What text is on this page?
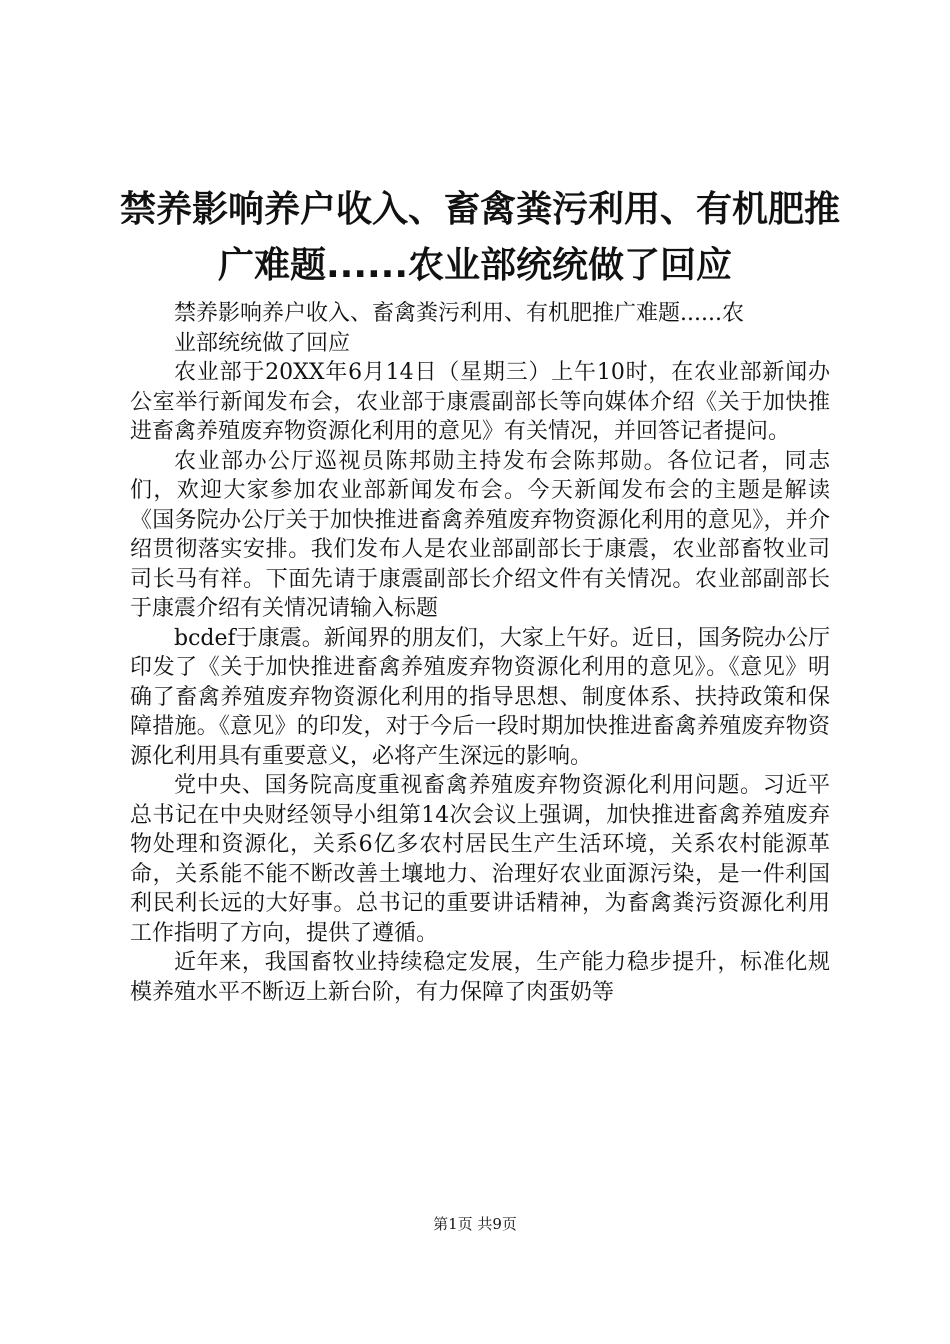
禁养影响养户收入、畜禽粪污利用、有机肥推
广难题......农业部统统做了回应

禁养影响养户收入、畜禽粪污利用、有机肥推广难题......农

业部统统做了回应

农业部于20XX年6月14日（星期三）上午10时，在农业部新闻办公室举行新闻发布会，农业部于康震副部长等向媒体介绍《关于加快推进畜禽养殖废弃物资源化利用的意见》有关情况，并回答记者提问。

农业部办公厅巡视员陈邦勋主持发布会陈邦勋。各位记者，同志们，欢迎大家参加农业部新闻发布会。今天新闻发布会的主题是解读《国务院办公厅关于加快推进畜禽养殖废弃物资源化利用的意见》，并介绍贯彻落实安排。我们发布人是农业部副部长于康震，农业部畜牧业司司长马有祥。下面先请于康震副部长介绍文件有关情况。农业部副部长于康震介绍有关情况请输入标题

bcdef于康震。新闻界的朋友们，大家上午好。近日，国务院办公厅印发了《关于加快推进畜禽养殖废弃物资源化利用的意见》。《意见》明确了畜禽养殖废弃物资源化利用的指导思想、制度体系、扶持政策和保障措施。《意见》的印发，对于今后一段时期加快推进畜禽养殖废弃物资源化利用具有重要意义，必将产生深远的影响。

党中央、国务院高度重视畜禽养殖废弃物资源化利用问题。习近平总书记在中央财经领导小组第14次会议上强调，加快推进畜禽养殖废弃物处理和资源化，关系6亿多农村居民生产生活环境，关系农村能源革命，关系能不能不断改善土壤地力、治理好农业面源污染，是一件利国利民利长远的大好事。总书记的重要讲话精神，为畜禽粪污资源化利用工作指明了方向，提供了遵循。

近年来，我国畜牧业持续稳定发展，生产能力稳步提升，标准化规模养殖水平不断迈上新台阶，有力保障了肉蛋奶等

第1页 共9页
